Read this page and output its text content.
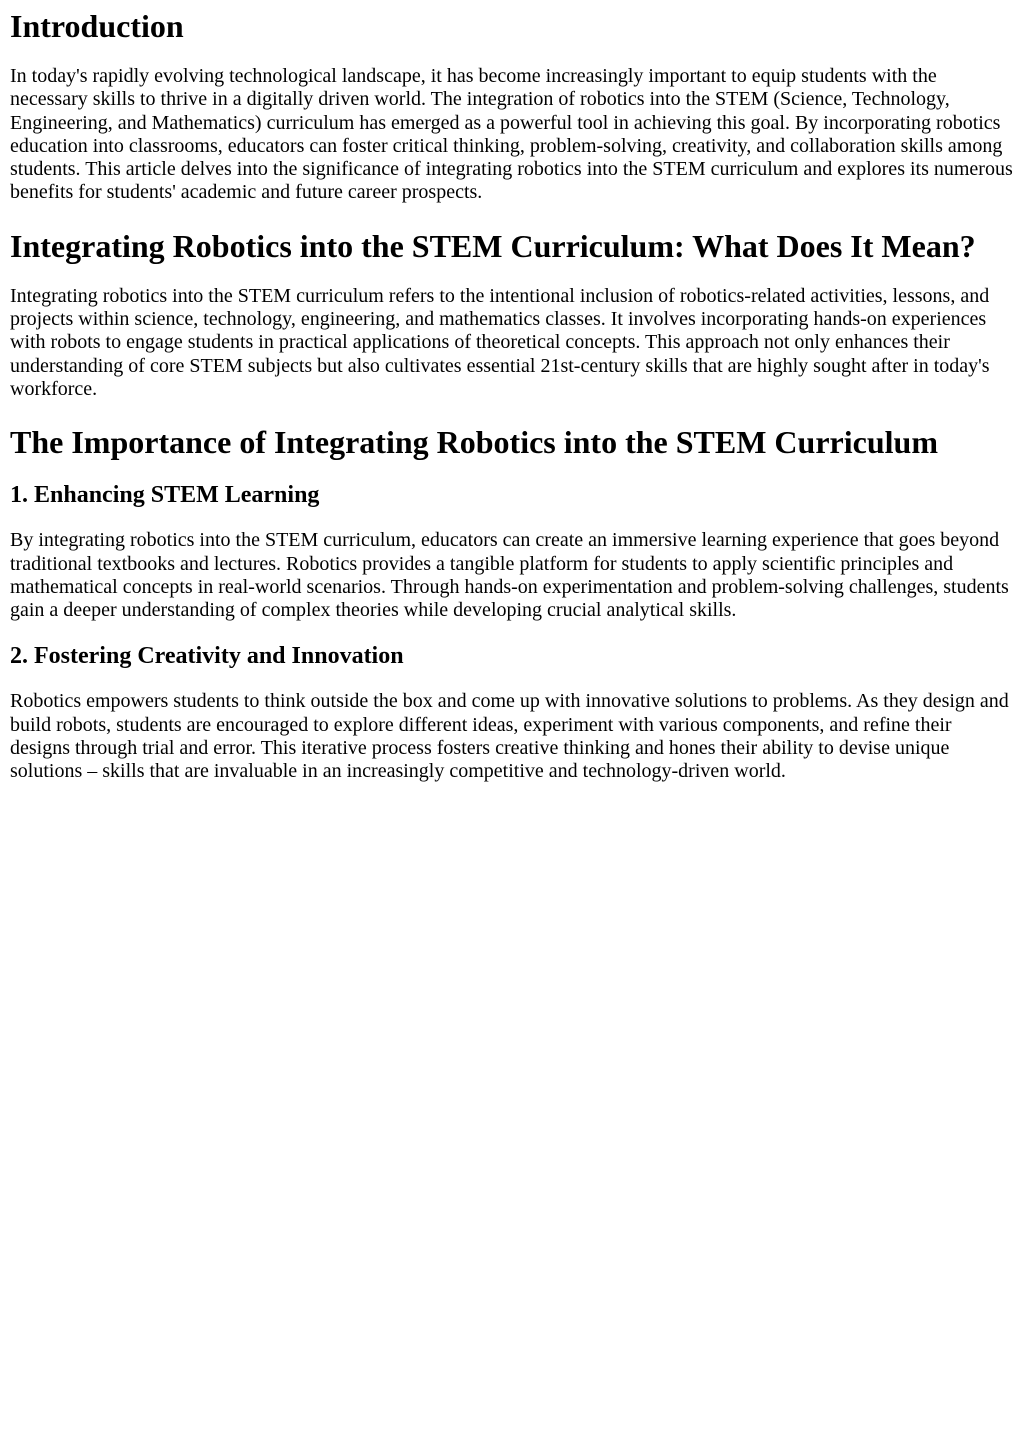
Introduction

In today's rapidly evolving technological landscape, it has become increasingly important to equip students with the necessary skills to thrive in a digitally driven world. The integration of robotics into the STEM (Science, Technology, Engineering, and Mathematics) curriculum has emerged as a powerful tool in achieving this goal. By incorporating robotics education into classrooms, educators can foster critical thinking, problem-solving, creativity, and collaboration skills among students. This article delves into the significance of integrating robotics into the STEM curriculum and explores its numerous benefits for students' academic and future career prospects.

Integrating Robotics into the STEM Curriculum: What Does It Mean?

Integrating robotics into the STEM curriculum refers to the intentional inclusion of robotics-related activities, lessons, and projects within science, technology, engineering, and mathematics classes. It involves incorporating hands-on experiences with robots to engage students in practical applications of theoretical concepts. This approach not only enhances their understanding of core STEM subjects but also cultivates essential 21st-century skills that are highly sought after in today's workforce.

The Importance of Integrating Robotics into the STEM Curriculum
1. Enhancing STEM Learning

By integrating robotics into the STEM curriculum, educators can create an immersive learning experience that goes beyond traditional textbooks and lectures. Robotics provides a tangible platform for students to apply scientific principles and mathematical concepts in real-world scenarios. Through hands-on experimentation and problem-solving challenges, students gain a deeper understanding of complex theories while developing crucial analytical skills.

2. Fostering Creativity and Innovation

Robotics empowers students to think outside the box and come up with innovative solutions to problems. As they design and build robots, students are encouraged to explore different ideas, experiment with various components, and refine their designs through trial and error. This iterative process fosters creative thinking and hones their ability to devise unique solutions – skills that are invaluable in an increasingly competitive and technology-driven world.
